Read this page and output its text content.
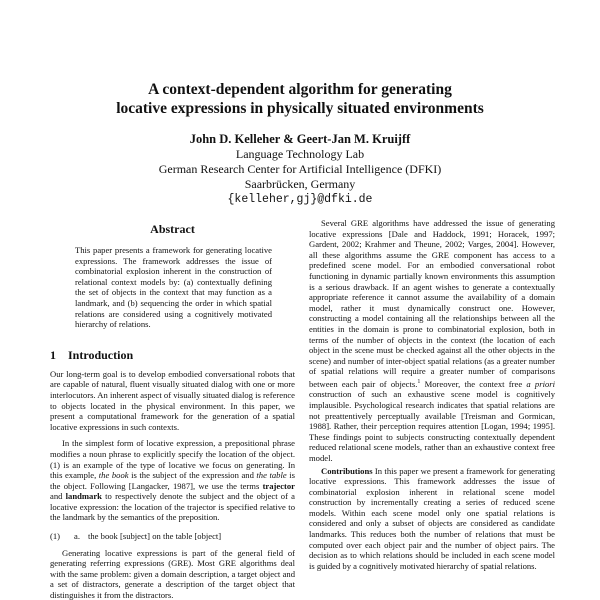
A context-dependent algorithm for generating
locative expressions in physically situated environments
John D. Kelleher & Geert-Jan M. Kruijff
Language Technology Lab
German Research Center for Artificial Intelligence (DFKI)
Saarbrücken, Germany
{kelleher,gj}@dfki.de
Abstract

This paper presents a framework for generating locative expressions. The framework addresses the issue of combinatorial explosion inherent in the construction of relational context models by: (a) contextually defining the set of objects in the context that may function as a landmark, and (b) sequencing the order in which spatial relations are considered using a cognitively motivated hierarchy of relations.

1 Introduction

Our long-term goal is to develop embodied conversational robots that are capable of natural, fluent visually situated dialog with one or more interlocutors. An inherent aspect of visually situated dialog is reference to objects located in the physical environment. In this paper, we present a computational framework for the generation of a spatial locative expressions in such contexts.

In the simplest form of locative expression, a prepositional phrase modifies a noun phrase to explicitly specify the location of the object. (1) is an example of the type of locative we focus on generating. In this example, the book is the subject of the expression and the table is the object. Following [Langacker, 1987], we use the terms trajector and landmark to respectively denote the subject and the object of a locative expression: the location of the trajector is specified relative to the landmark by the semantics of the preposition.

(1) a. the book [subject] on the table [object]

Generating locative expressions is part of the general field of generating referring expressions (GRE). Most GRE algorithms deal with the same problem: given a domain description, a target object and a set of distractors, generate a description of the target object that distinguishes it from the distractors.

Several GRE algorithms have addressed the issue of generating locative expressions [Dale and Haddock, 1991; Horacek, 1997; Gardent, 2002; Krahmer and Theune, 2002; Varges, 2004]. However, all these algorithms assume the GRE component has access to a predefined scene model. For an embodied conversational robot functioning in dynamic partially known environments this assumption is a serious drawback. If an agent wishes to generate a contextually appropriate reference it cannot assume the availability of a domain model, rather it must dynamically construct one. However, constructing a model containing all the relationships between all the entities in the domain is prone to combinatorial explosion, both in terms of the number of objects in the context (the location of each object in the scene must be checked against all the other objects in the scene) and number of inter-object spatial relations (as a greater number of spatial relations will require a greater number of comparisons between each pair of objects.$^1$ Moreover, the context free a priori construction of such an exhaustive scene model is cognitively implausible. Psychological research indicates that spatial relations are not preattentively perceptually available [Treisman and Gormican, 1988]. Rather, their perception requires attention [Logan, 1994; 1995]. These findings point to subjects constructing contextually dependent reduced relational scene models, rather than an exhaustive context free model.

Contributions In this paper we present a framework for generating locative expressions. This framework addresses the issue of combinatorial explosion inherent in relational scene model construction by incrementally creating a series of reduced scene models. Within each scene model only one spatial relations is considered and only a subset of objects are considered as candidate landmarks. This reduces both the number of relations that must be computed over each object pair and the number of object pairs. The decision as to which relations should be included in each scene model is guided by a cognitively motivated hierarchy of spatial relations.
